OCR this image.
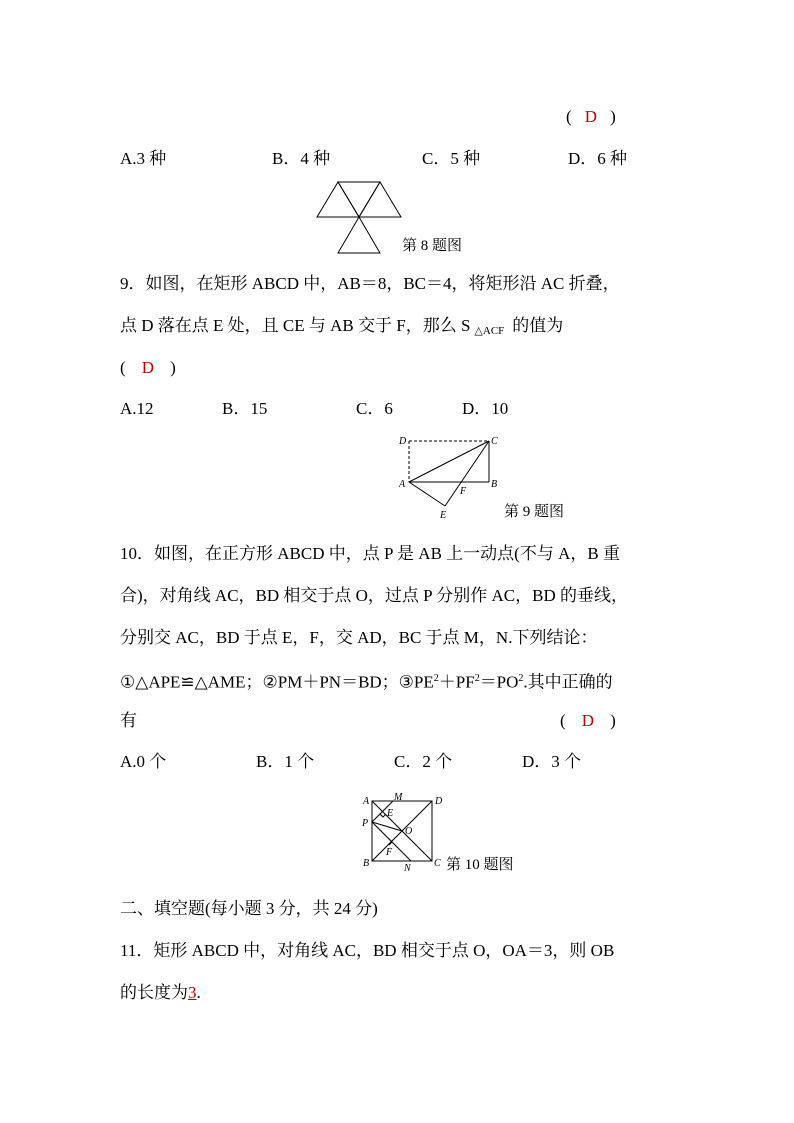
( D )
A.3 种	B．4 种	C．5 种	D．6 种
第 8 题图
9．如图，在矩形 ABCD 中，AB＝8，BC＝4，将矩形沿 AC 折叠，
点 D 落在点 E 处，且 CE 与 AB 交于 F，那么 S △ACF 的值为
( D )
A.12	B．15	C．6	D．10
D	C
A	B
F
E	第 9 题图
10．如图，在正方形 ABCD 中，点 P 是 AB 上一动点(不与 A，B 重
合)，对角线 AC，BD 相交于点 O，过点 P 分别作 AC，BD 的垂线，
分别交 AC，BD 于点 E，F，交 AD，BC 于点 M，N.下列结论：
①△APE≌△AME；②PM＋PN＝BD；$③PE^2+PF^2=PO^2$.其中正确的
有	( D )
A.0 个	B．1 个	C．2 个	D．3 个
A M	D
E
P
O
F
B	N C 第 10 题图
二、填空题(每小题 3 分，共 24 分)
11．矩形 ABCD 中，对角线 AC，BD 相交于点 O，OA＝3，则 OB
的长度为3.
